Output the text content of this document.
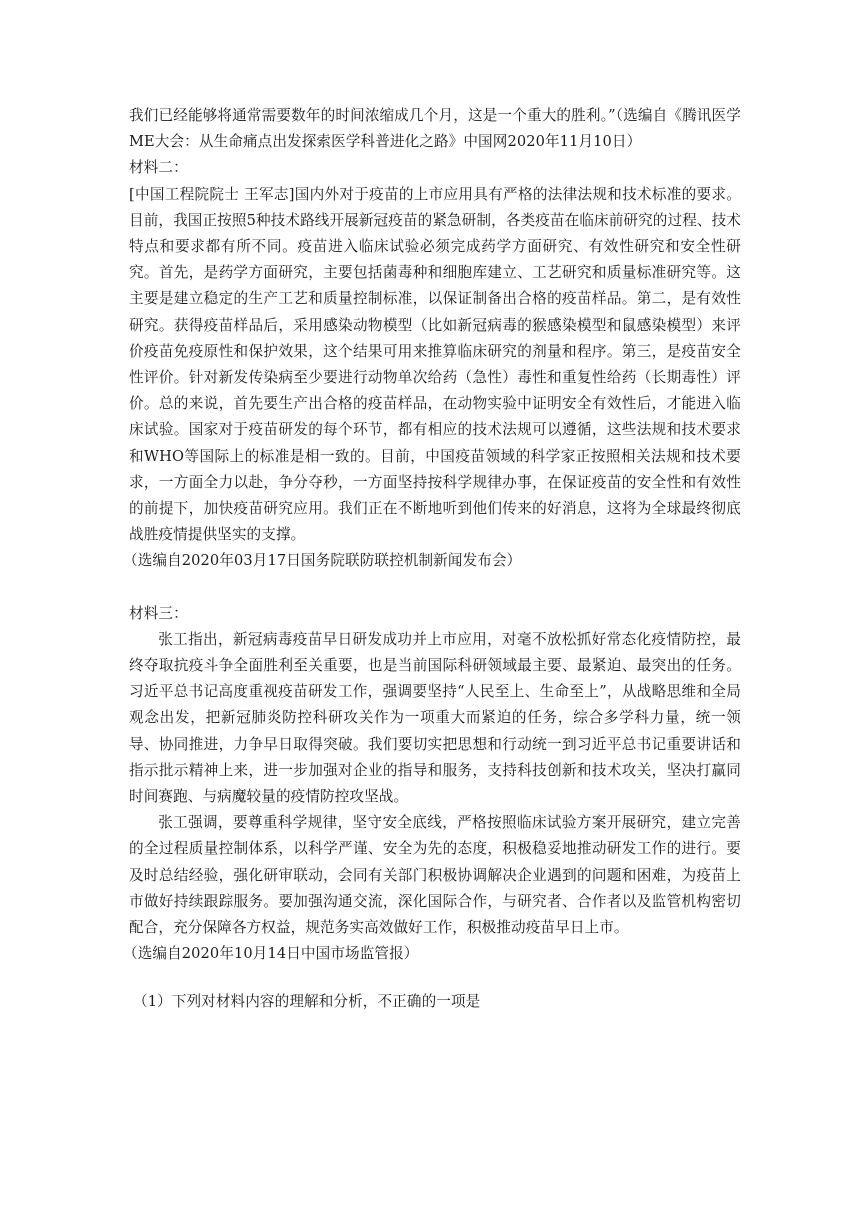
我们已经能够将通常需要数年的时间浓缩成几个月，这是一个重大的胜利。”（选编自《腾讯医学ME大会：从生命痛点出发探索医学科普进化之路》中国网2020年11月10日）

材料二：

[中国工程院院士 王军志]国内外对于疫苗的上市应用具有严格的法律法规和技术标准的要求。目前，我国正按照5种技术路线开展新冠疫苗的紧急研制，各类疫苗在临床前研究的过程、技术特点和要求都有所不同。疫苗进入临床试验必须完成药学方面研究、有效性研究和安全性研究。首先，是药学方面研究，主要包括菌毒种和细胞库建立、工艺研究和质量标准研究等。这主要是建立稳定的生产工艺和质量控制标准，以保证制备出合格的疫苗样品。第二，是有效性研究。获得疫苗样品后，采用感染动物模型（比如新冠病毒的猴感染模型和鼠感染模型）来评价疫苗免疫原性和保护效果，这个结果可用来推算临床研究的剂量和程序。第三，是疫苗安全性评价。针对新发传染病至少要进行动物单次给药（急性）毒性和重复性给药（长期毒性）评价。总的来说，首先要生产出合格的疫苗样品，在动物实验中证明安全有效性后，才能进入临床试验。国家对于疫苗研发的每个环节，都有相应的技术法规可以遵循，这些法规和技术要求和WHO等国际上的标准是相一致的。目前，中国疫苗领域的科学家正按照相关法规和技术要求，一方面全力以赴，争分夺秒，一方面坚持按科学规律办事，在保证疫苗的安全性和有效性的前提下，加快疫苗研究应用。我们正在不断地听到他们传来的好消息，这将为全球最终彻底战胜疫情提供坚实的支撑。

（选编自2020年03月17日国务院联防联控机制新闻发布会）

材料三：

张工指出，新冠病毒疫苗早日研发成功并上市应用，对毫不放松抓好常态化疫情防控，最终夺取抗疫斗争全面胜利至关重要，也是当前国际科研领域最主要、最紧迫、最突出的任务。习近平总书记高度重视疫苗研发工作，强调要坚持“人民至上、生命至上”，从战略思维和全局观念出发，把新冠肺炎防控科研攻关作为一项重大而紧迫的任务，综合多学科力量，统一领导、协同推进，力争早日取得突破。我们要切实把思想和行动统一到习近平总书记重要讲话和指示批示精神上来，进一步加强对企业的指导和服务，支持科技创新和技术攻关，坚决打赢同时间赛跑、与病魔较量的疫情防控攻坚战。

张工强调，要尊重科学规律，坚守安全底线，严格按照临床试验方案开展研究，建立完善的全过程质量控制体系，以科学严谨、安全为先的态度，积极稳妥地推动研发工作的进行。要及时总结经验，强化研审联动，会同有关部门积极协调解决企业遇到的问题和困难，为疫苗上市做好持续跟踪服务。要加强沟通交流，深化国际合作，与研究者、合作者以及监管机构密切配合，充分保障各方权益，规范务实高效做好工作，积极推动疫苗早日上市。

（选编自2020年10月14日中国市场监管报）

（1）下列对材料内容的理解和分析，不正确的一项是
